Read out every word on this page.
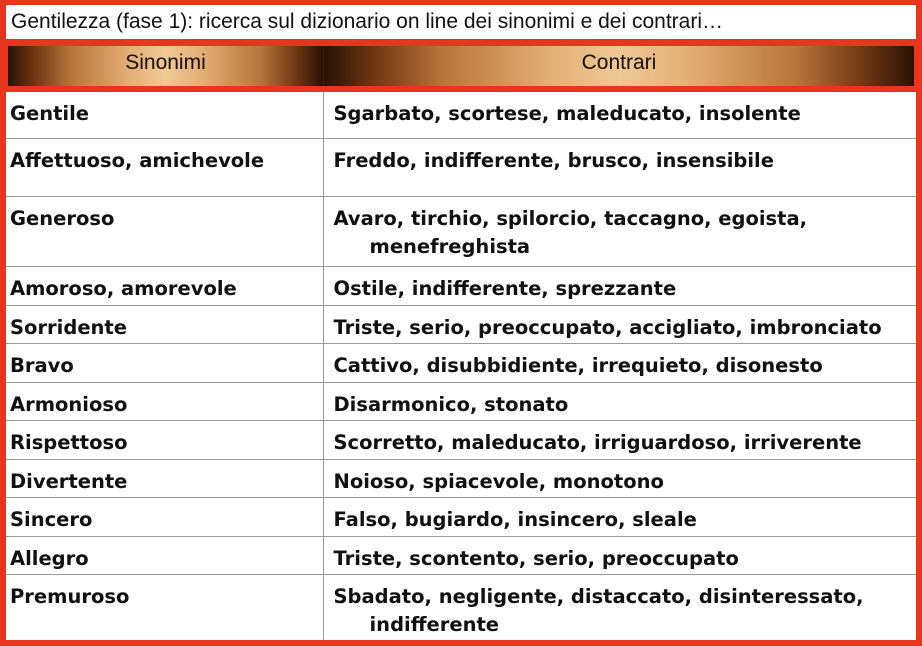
Gentilezza (fase 1): ricerca sul dizionario on line dei sinonimi e dei contrari…
Sinonimi	Contrari
Gentile	Sgarbato, scortese, maleducato, insolente

Affettuoso, amichevole	Freddo, indifferente, brusco, insensibile

Generoso	Avaro, tirchio, spilorcio, taccagno, egoista,
menefreghista

Amoroso, amorevole	Ostile, indifferente, sprezzante

Sorridente	Triste, serio, preoccupato, accigliato, imbronciato

Bravo	Cattivo, disubbidiente, irrequieto, disonesto

Armonioso	Disarmonico, stonato

Rispettoso	Scorretto, maleducato, irriguardoso, irriverente

Divertente	Noioso, spiacevole, monotono

Sincero	Falso, bugiardo, insincero, sleale

Allegro	Triste, scontento, serio, preoccupato

Premuroso	Sbadato, negligente, distaccato, disinteressato,
indifferente
